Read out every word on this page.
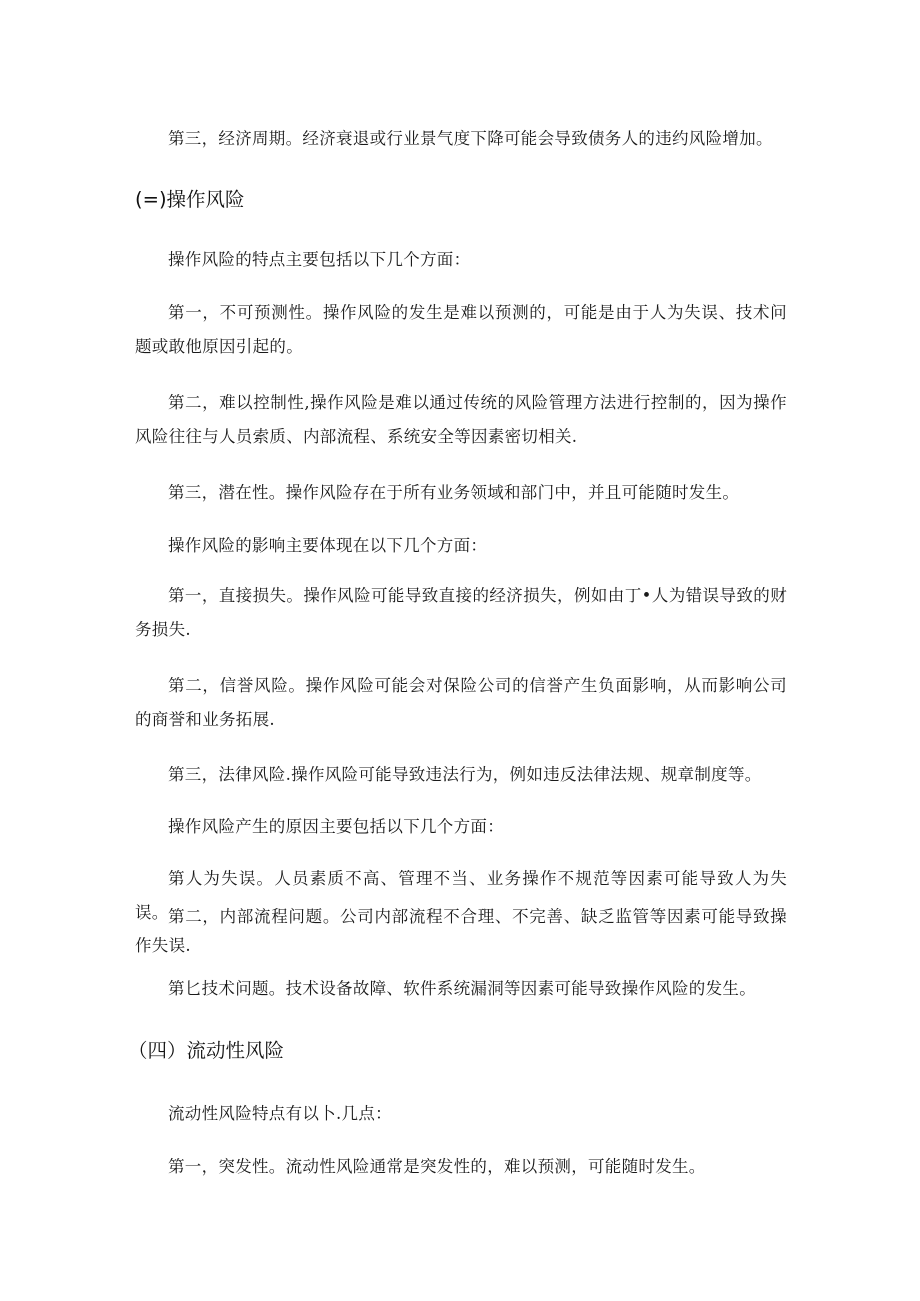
第三，经济周期。经济衰退或行业景气度下降可能会导致债务人的违约风险增加。

(=)操作风险

操作风险的特点主要包括以下几个方面：

第一，不可预测性。操作风险的发生是难以预测的，可能是由于人为失误、技术问题或敢他原因引起的。

第二，难以控制性,操作风险是难以通过传统的风险管理方法进行控制的，因为操作风险往往与人员索质、内部流程、系统安全等因素密切相关.

第三，潜在性。操作风险存在于所有业务领域和部门中，并且可能随时发生。

操作风险的影响主要体现在以下几个方面：

第一，直接损失。操作风险可能导致直接的经济损失，例如由丁•人为错误导致的财务损失.

第二，信誉风险。操作风险可能会对保险公司的信誉产生负面影响，从而影响公司的商誉和业务拓展.

第三，法律风险.操作风险可能导致违法行为，例如违反法律法规、规章制度等。

操作风险产生的原因主要包括以下几个方面：

第人为失误。人员素质不高、管理不当、业务操作不规范等因素可能导致人为失误。 第二，内部流程问题。公司内部流程不合理、不完善、缺乏监管等因素可能导致操作失误.

第匕技术问题。技术设备故障、软件系统漏洞等因素可能导致操作风险的发生。

（四）流动性风险

流动性风险特点有以卜.几点：

第一，突发性。流动性风险通常是突发性的，难以预测，可能随时发生。
